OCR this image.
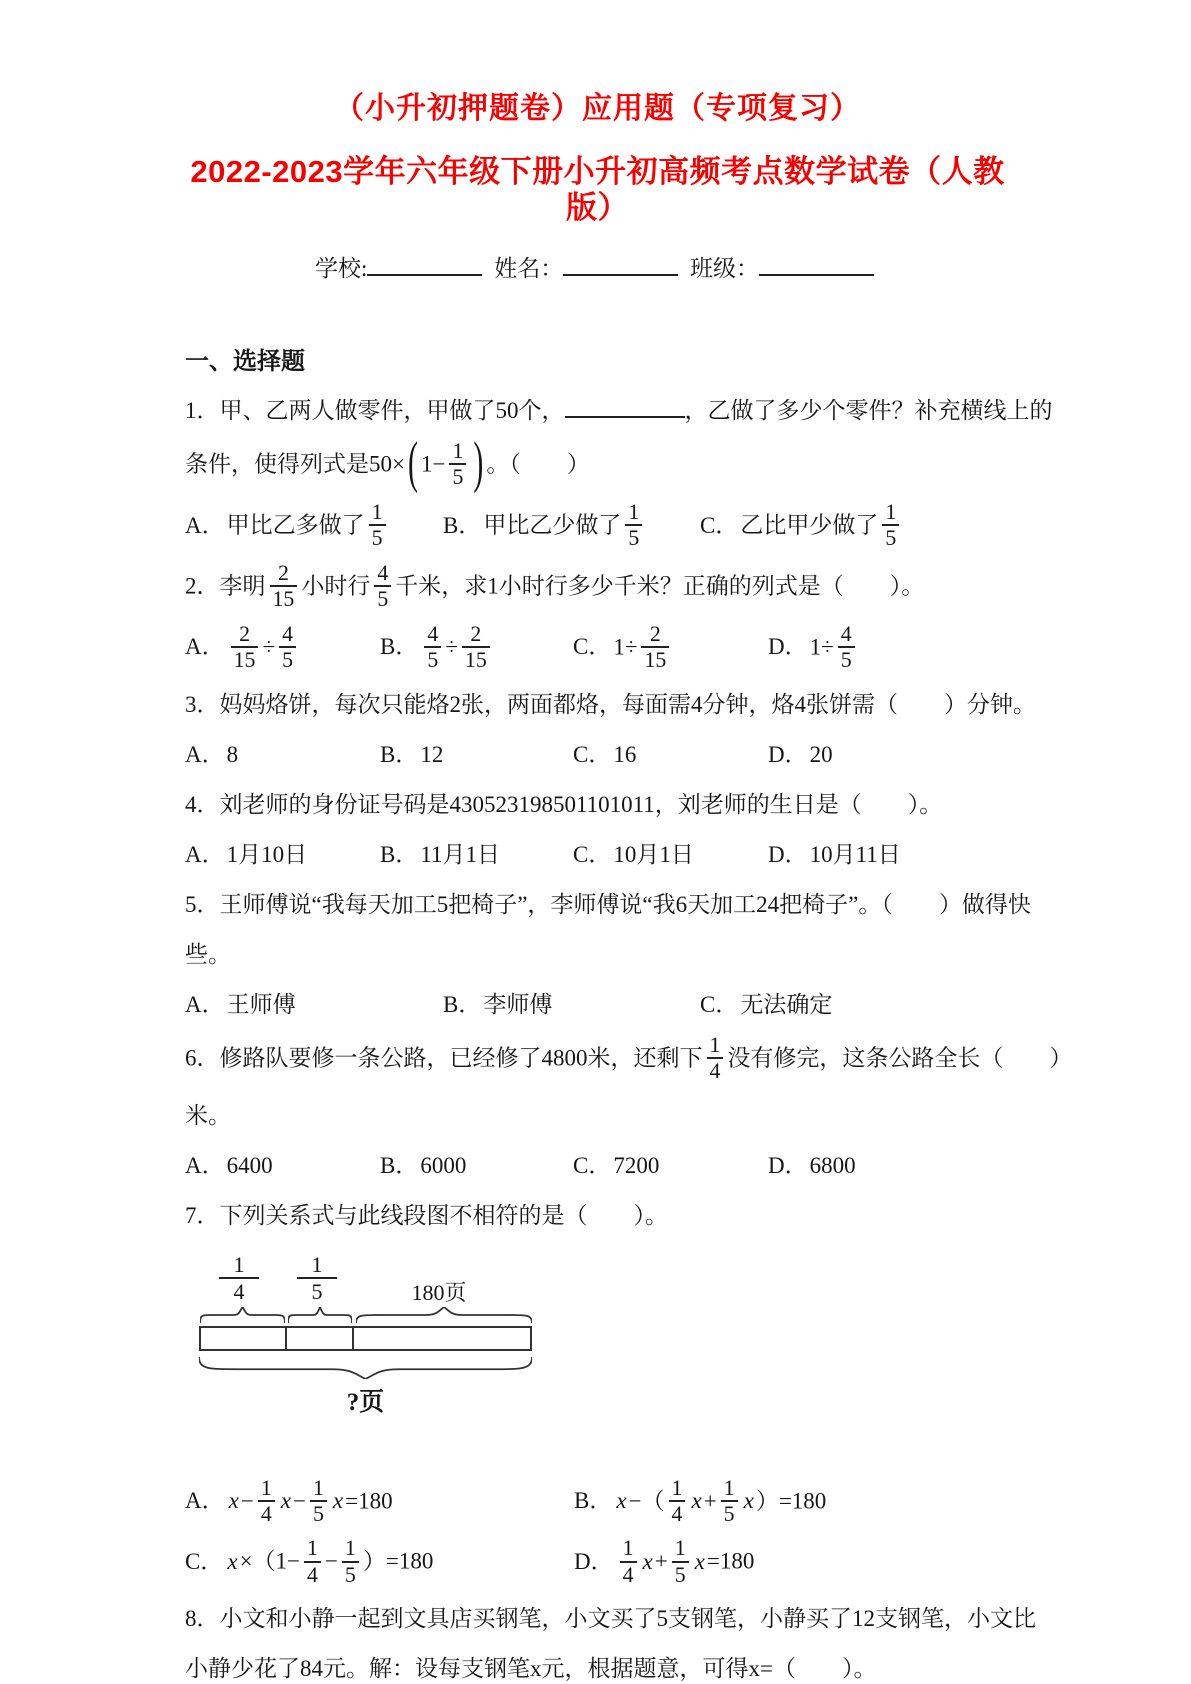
（小升初押题卷）应用题（专项复习）
2022-2023学年六年级下册小升初高频考点数学试卷（人教版）
学校:	姓名：	班级：
一、选择题
1．甲、乙两人做零件，甲做了50个，	，乙做了多少个零件？补充横线上的
条件，使得列式是50× ( $1- \frac{1}{5}$ ) 。（　　）
A．甲比乙多做了 $\frac{1}{5}$ B．甲比乙少做了 $\frac{1}{5}$	C．乙比甲少做了 $\frac{1}{5}$
2．李明 $\frac{2}{15}$ 小时行 $\frac{4}{5}$ 千米，求1小时行多少千米？正确的列式是（　　）。
A． $\frac{2}{15} \div \frac{4}{5}$	B． $\frac{4}{5} \div \frac{2}{15}$	C．$1\div \frac{2}{15}$	D．$1\div \frac{4}{5}$
3．妈妈烙饼，每次只能烙2张，两面都烙，每面需4分钟，烙4张饼需（　　）分钟。
A．8	B．12	C．16	D．20
4．刘老师的身份证号码是430523198501101011，刘老师的生日是（　　）。
A．1月10日	B．11月1日	C．10月1日	D．10月11日
5．王师傅说“我每天加工5把椅子”，李师傅说“我6天加工24把椅子”。（　　）做得快
些。
A．王师傅	B．李师傅	C．无法确定
6．修路队要修一条公路，已经修了4800米，还剩下 $\frac{1}{4}$ 没有修完，这条公路全长（　　）
米。
A．6400	B．6000	C．7200	D．6800
7．下列关系式与此线段图不相符的是（　　）。
$\frac{1}{4} \frac{1}{5}$	180页
?页
A． $x- \frac{1}{4} x- \frac{1}{5} x=180$	B． $x-( \frac{1}{4} x+ \frac{1}{5} x)=180$
C． $x\times(1- \frac{1}{4} - \frac{1}{5} )=180$	D． $\frac{1}{4} x+ \frac{1}{5} x=180$
8．小文和小静一起到文具店买钢笔，小文买了5支钢笔，小静买了12支钢笔，小文比
小静少花了84元。解：设每支钢笔x元，根据题意，可得x=（　　）。
